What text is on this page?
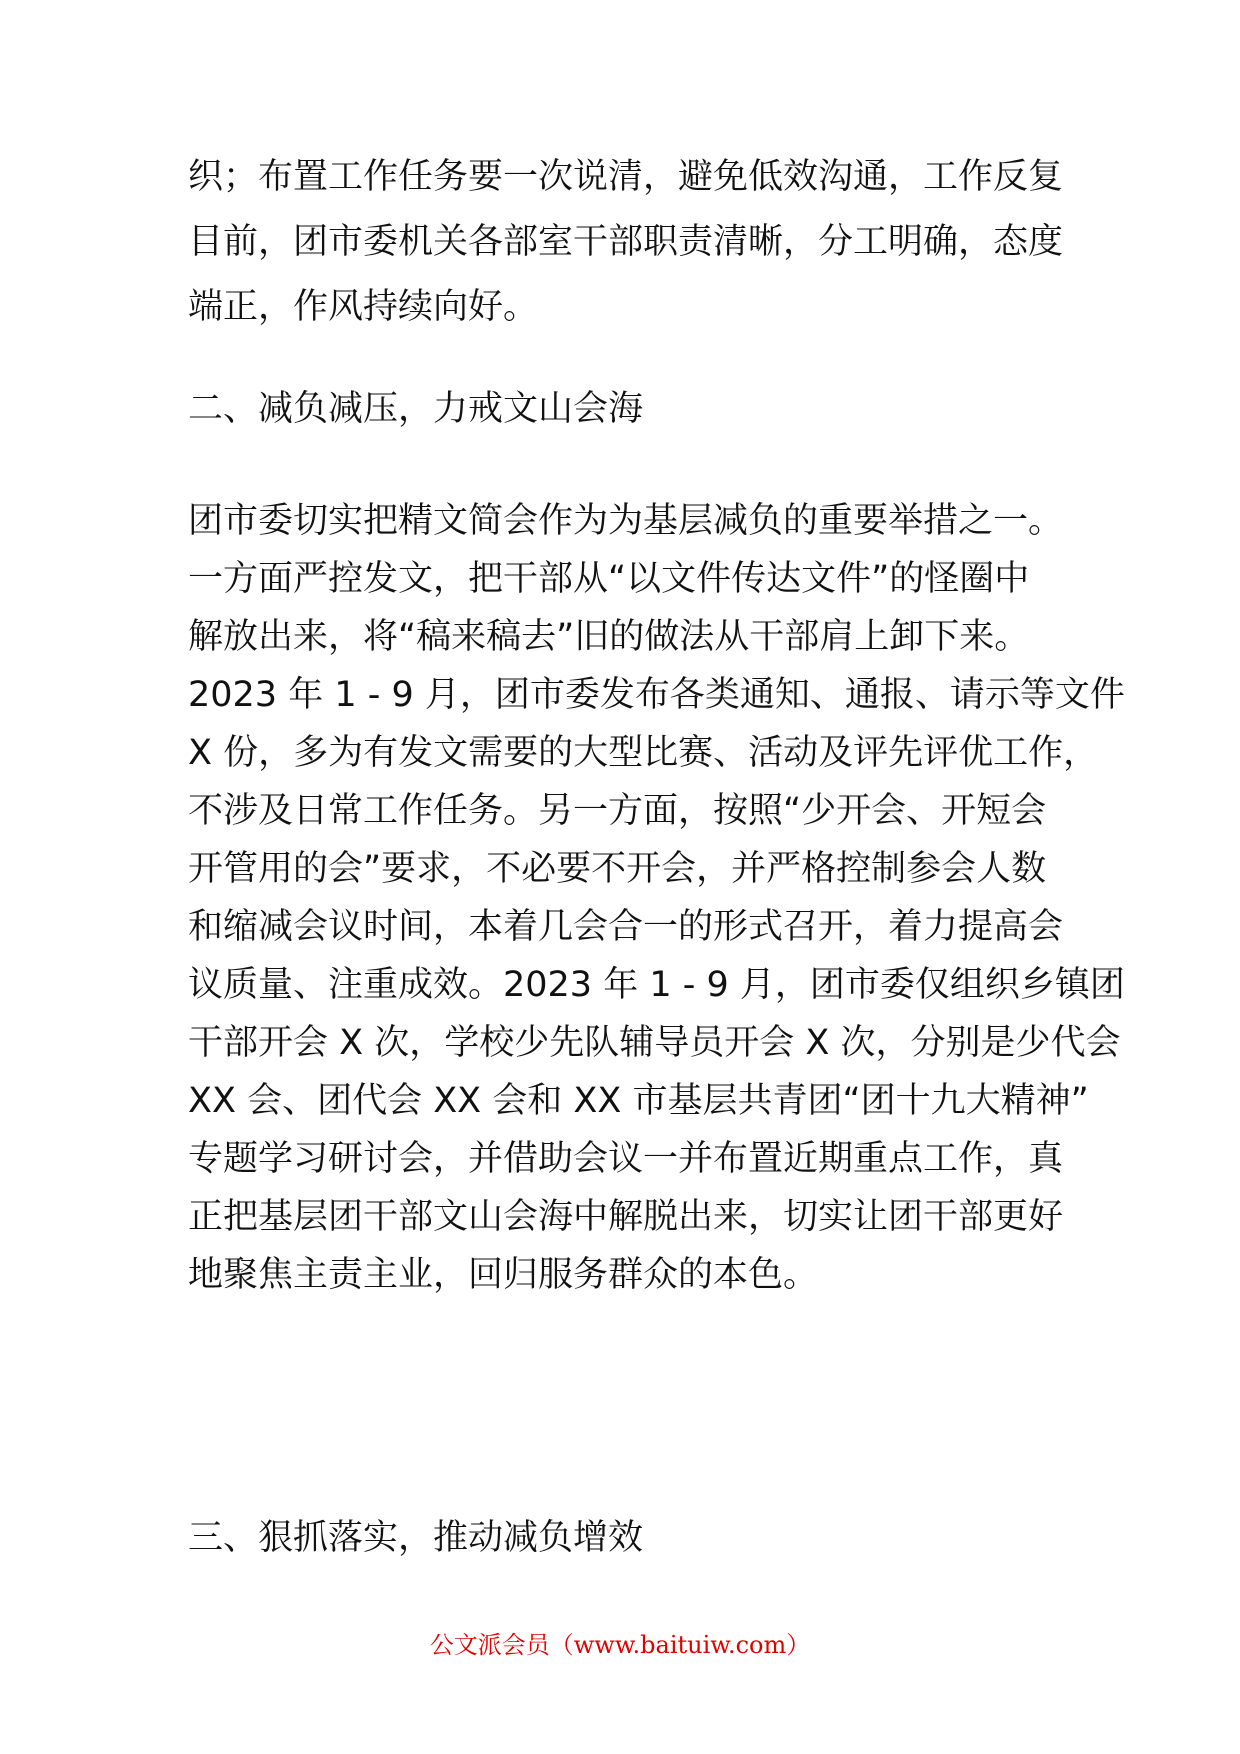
织；布置工作任务要一次说清，避免低效沟通，工作反复
目前，团市委机关各部室干部职责清晰，分工明确，态度
端正，作风持续向好。
二、减负减压，力戒文山会海
团市委切实把精文简会作为为基层减负的重要举措之一。
一方面严控发文，把干部从“以文件传达文件”的怪圈中
解放出来，将“稿来稿去”旧的做法从干部肩上卸下来。
2023 年 1 - 9 月，团市委发布各类通知、通报、请示等文件
X 份，多为有发文需要的大型比赛、活动及评先评优工作，
不涉及日常工作任务。另一方面，按照“少开会、开短会
开管用的会”要求，不必要不开会，并严格控制参会人数
和缩减会议时间，本着几会合一的形式召开，着力提高会
议质量、注重成效。2023 年 1 - 9 月，团市委仅组织乡镇团
干部开会 X 次，学校少先队辅导员开会 X 次，分别是少代会
XX 会、团代会 XX 会和 XX 市基层共青团“团十九大精神”
专题学习研讨会，并借助会议一并布置近期重点工作，真
正把基层团干部文山会海中解脱出来，切实让团干部更好
地聚焦主责主业，回归服务群众的本色。
三、狠抓落实，推动减负增效
公文派会员（www.baituiw.com）
